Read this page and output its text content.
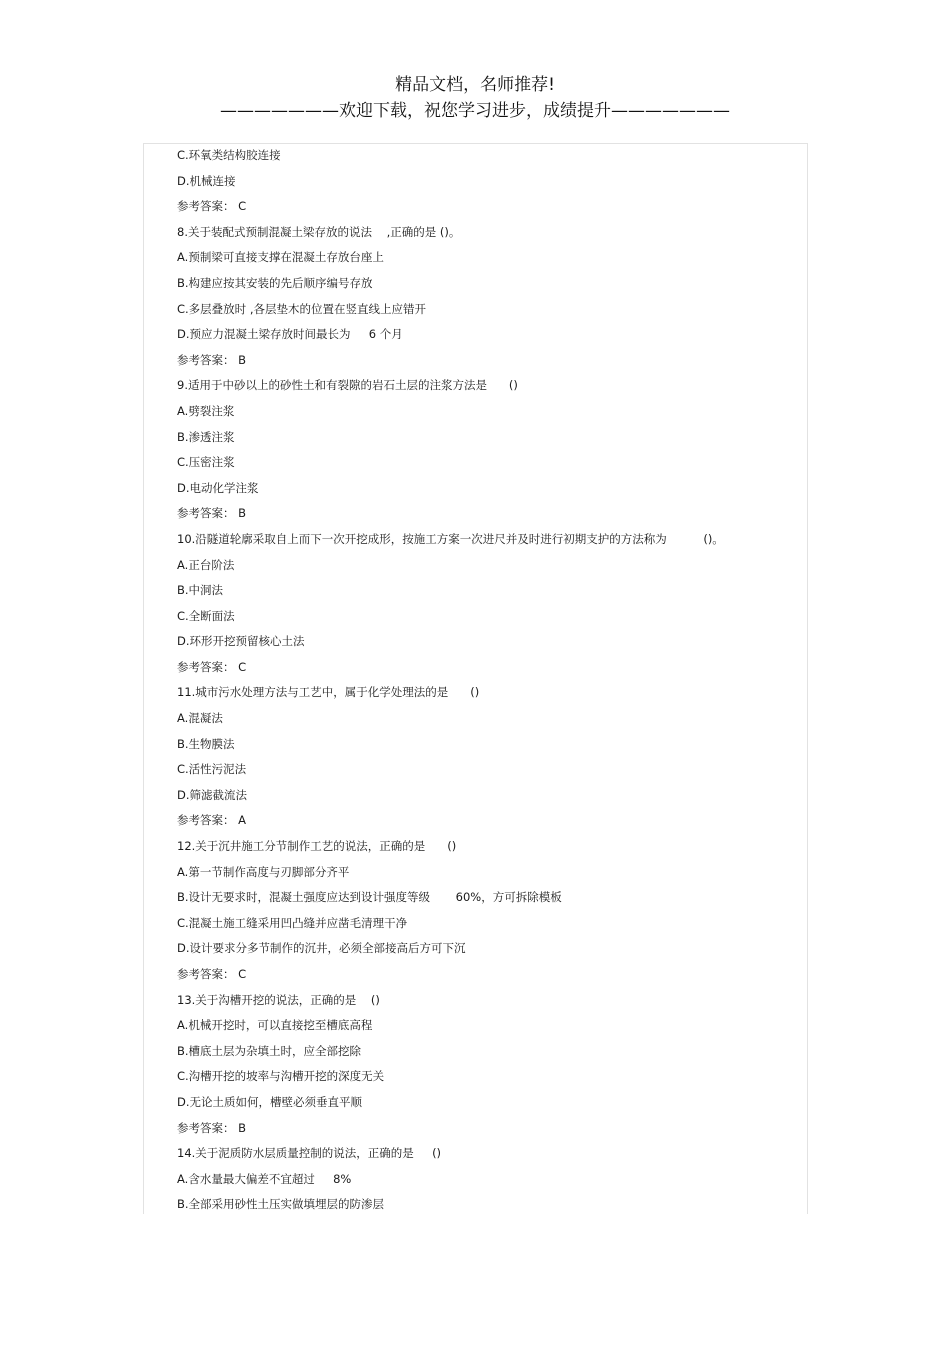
精品文档，名师推荐!
———————欢迎下载，祝您学习进步，成绩提升———————
C.环氧类结构胶连接
D.机械连接
参考答案： C
8.关于装配式预制混凝土梁存放的说法    ,正确的是 ()。
A.预制梁可直接支撑在混凝土存放台座上
B.构建应按其安装的先后顺序编号存放
C.多层叠放时 ,各层垫木的位置在竖直线上应错开
D.预应力混凝土梁存放时间最长为     6 个月
参考答案： B
9.适用于中砂以上的砂性土和有裂隙的岩石土层的注浆方法是      ()
A.劈裂注浆
B.渗透注浆
C.压密注浆
D.电动化学注浆
参考答案： B
10.沿隧道轮廓采取自上而下一次开挖成形，按施工方案一次进尺并及时进行初期支护的方法称为          ()。
A.正台阶法
B.中洞法
C.全断面法
D.环形开挖预留核心土法
参考答案： C
11.城市污水处理方法与工艺中，属于化学处理法的是      ()
A.混凝法
B.生物膜法
C.活性污泥法
D.筛滤截流法
参考答案： A
12.关于沉井施工分节制作工艺的说法，正确的是      ()
A.第一节制作高度与刃脚部分齐平
B.设计无要求时，混凝土强度应达到设计强度等级       60%，方可拆除模板
C.混凝土施工缝采用凹凸缝并应凿毛清理干净
D.设计要求分多节制作的沉井，必须全部接高后方可下沉
参考答案： C
13.关于沟槽开挖的说法，正确的是    ()
A.机械开挖时，可以直接挖至槽底高程
B.槽底土层为杂填土时，应全部挖除
C.沟槽开挖的坡率与沟槽开挖的深度无关
D.无论土质如何，槽壁必须垂直平顺
参考答案： B
14.关于泥质防水层质量控制的说法，正确的是     ()
A.含水量最大偏差不宜超过     8%
B.全部采用砂性土压实做填埋层的防渗层
